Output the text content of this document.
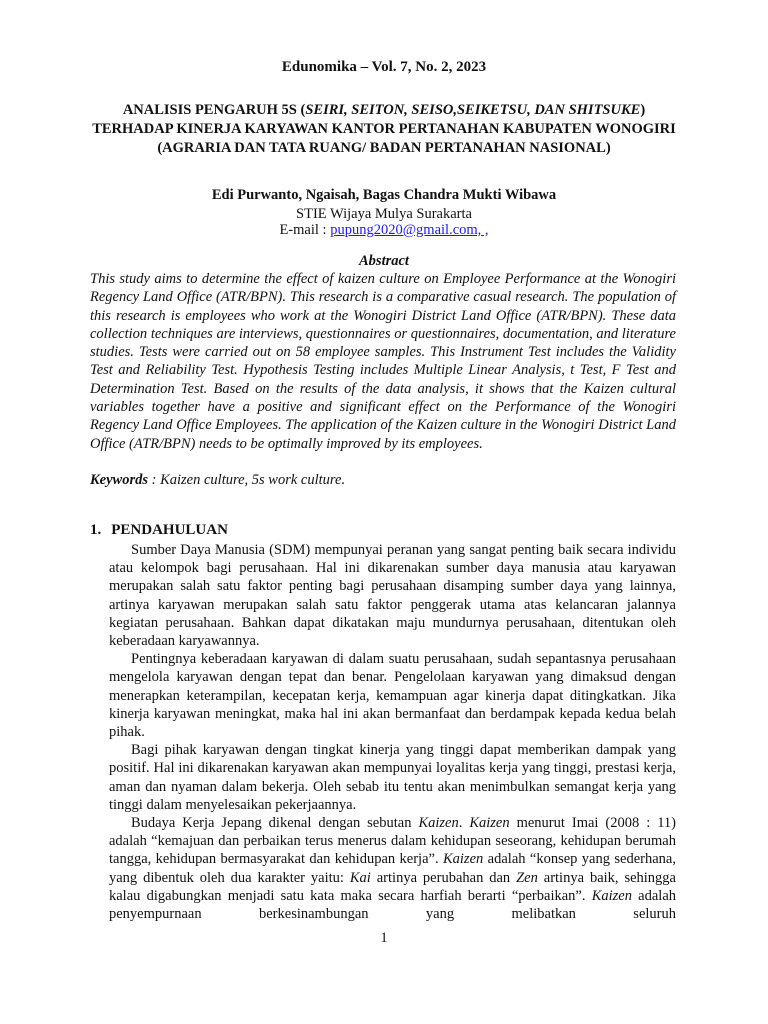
Edunomika – Vol. 7, No. 2, 2023
ANALISIS PENGARUH 5S (SEIRI, SEITON, SEISO,SEIKETSU, DAN SHITSUKE) TERHADAP KINERJA KARYAWAN KANTOR PERTANAHAN KABUPATEN WONOGIRI (AGRARIA DAN TATA RUANG/ BADAN PERTANAHAN NASIONAL)
Edi Purwanto, Ngaisah, Bagas Chandra Mukti Wibawa
STIE Wijaya Mulya Surakarta
E-mail : pupung2020@gmail.com, ,
Abstract
This study aims to determine the effect of kaizen culture on Employee Performance at the Wonogiri Regency Land Office (ATR/BPN). This research is a comparative casual research. The population of this research is employees who work at the Wonogiri District Land Office (ATR/BPN). These data collection techniques are interviews, questionnaires or questionnaires, documentation, and literature studies. Tests were carried out on 58 employee samples. This Instrument Test includes the Validity Test and Reliability Test. Hypothesis Testing includes Multiple Linear Analysis, t Test, F Test and Determination Test. Based on the results of the data analysis, it shows that the Kaizen cultural variables together have a positive and significant effect on the Performance of the Wonogiri Regency Land Office Employees. The application of the Kaizen culture in the Wonogiri District Land Office (ATR/BPN) needs to be optimally improved by its employees.
Keywords : Kaizen culture, 5s work culture.
1. PENDAHULUAN

Sumber Daya Manusia (SDM) mempunyai peranan yang sangat penting baik secara individu atau kelompok bagi perusahaan. Hal ini dikarenakan sumber daya manusia atau karyawan merupakan salah satu faktor penting bagi perusahaan disamping sumber daya yang lainnya, artinya karyawan merupakan salah satu faktor penggerak utama atas kelancaran jalannya kegiatan perusahaan. Bahkan dapat dikatakan maju mundurnya perusahaan, ditentukan oleh keberadaan karyawannya.

Pentingnya keberadaan karyawan di dalam suatu perusahaan, sudah sepantasnya perusahaan mengelola karyawan dengan tepat dan benar. Pengelolaan karyawan yang dimaksud dengan menerapkan keterampilan, kecepatan kerja, kemampuan agar kinerja dapat ditingkatkan. Jika kinerja karyawan meningkat, maka hal ini akan bermanfaat dan berdampak kepada kedua belah pihak.

Bagi pihak karyawan dengan tingkat kinerja yang tinggi dapat memberikan dampak yang positif. Hal ini dikarenakan karyawan akan mempunyai loyalitas kerja yang tinggi, prestasi kerja, aman dan nyaman dalam bekerja. Oleh sebab itu tentu akan menimbulkan semangat kerja yang tinggi dalam menyelesaikan pekerjaannya.

Budaya Kerja Jepang dikenal dengan sebutan Kaizen. Kaizen menurut Imai (2008 : 11) adalah “kemajuan dan perbaikan terus menerus dalam kehidupan seseorang, kehidupan berumah tangga, kehidupan bermasyarakat dan kehidupan kerja”. Kaizen adalah “konsep yang sederhana, yang dibentuk oleh dua karakter yaitu: Kai artinya perubahan dan Zen artinya baik, sehingga kalau digabungkan menjadi satu kata maka secara harfiah berarti “perbaikan”. Kaizen adalah penyempurnaan berkesinambungan yang melibatkan seluruh

1
